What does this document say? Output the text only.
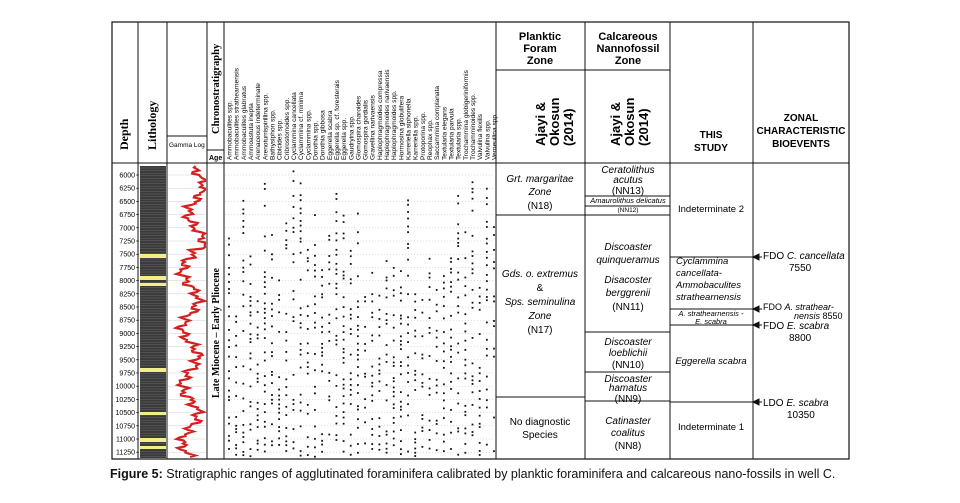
Depth Lithology Gamma Log
Chronostratigraphy
Age
Late Miocene – Early Pliocene
Ammobaculites spp. Ammobaculites strathearnensis Ammobaculites glabratus Ammoastuta inepta Arenaceous indeterminate Arenoturrispirillina spp. Bathysiphon spp. Cibicides spp. Cribrostomoides spp. Cyclammina cancellata Cyclammina cf. minima Cyclammina spp. Dorothia spp. Dorothia gibbosa Eggerella scabra Eggerella sp. cf. foresterais Eggerella spp. Gaudryina spp. Glomospira charoides Glomospira gordialis Gravellina narivaensis Haplophragmoides compressa Haplophragmoides narivaensis Haplophragmoides spp. Hormosina globulifera Karreriella siphonella Karreriella spp. Protoporina spp. Reophax spp. Saccammina complanata Textularia elegans Textularia parvula Textularia spp. Trochammina globigeriniformis Trochamminoides spp. Valvulina flexilis Valvulina spp. Verneuilina spp.
Planktic Foram Zone
Calcareous Nannofossil Zone
Ajayi &Okosun(2014) Ajayi &Okosun(2014)	THIS STUDY
ZONAL CHARACTERISTIC BIOEVENTS
6000
6250
6500
6750
7000
7250
7500
7750
8000
8250
8500
8750
9000
9250
9500
9750
10000
10250
10500
10750
11000
11250
Grt. margaritae Zone (N18)
Gds. o. extremus & Sps. seminulina Zone (N17)
No diagnostic Species
Ceratolithus acutus (NN13)
Amaurolithus delicatus (NN12)
Discoaster quinqueramus Disacoster berggrenii (NN11)
Discoaster loeblichii (NN10)
Discoaster hamatus (NN9)
Catinaster coalitus (NN8)
Indeterminate 2
Cyclammina cancellata-Ammobaculites strathearnensis
A. strathearnensis -E. scabra
Eggerella scabra
Indeterminate 1
FDO C. cancellata
7550
FDO A. strathear-
nensis 8550
FDO E. scabra
8800
LDO E. scabra
10350
Figure 5: Stratigraphic ranges of agglutinated foraminifera calibrated by planktic foraminifera and calcareous nano-fossils in well C.
